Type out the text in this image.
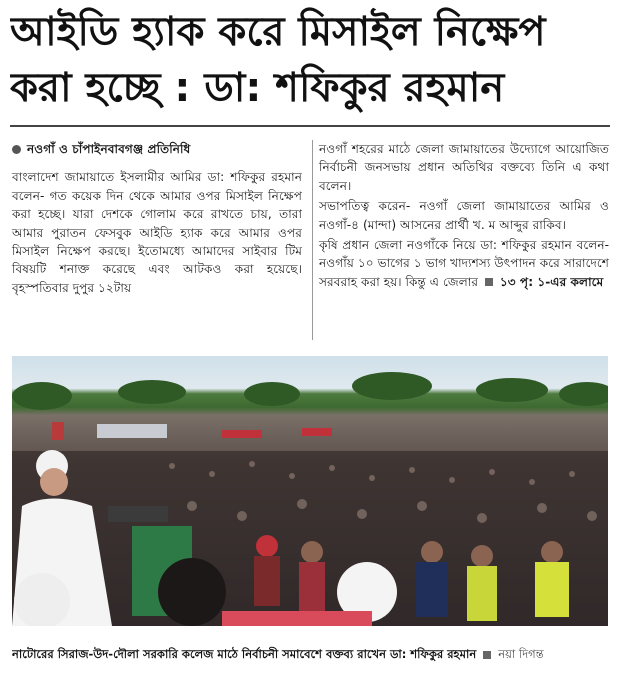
আইডি হ্যাক করে মিসাইল নিক্ষেপ
করা হচ্ছে : ডা: শফিকুর রহমান
নওগাঁ ও চাঁপাইনবাবগঞ্জ প্রতিনিধি

বাংলাদেশ জামায়াতে ইসলামীর আমির ডা: শফিকুর রহমান বলেন- গত কয়েক দিন থেকে আমার ওপর মিসাইল নিক্ষেপ করা হচ্ছে। যারা দেশকে গোলাম করে রাখতে চায়, তারা আমার পুরাতন ফেসবুক আইডি হ্যাক করে আমার ওপর মিসাইল নিক্ষেপ করছে। ইতোমধ্যে আমাদের সাইবার টিম বিষয়টি শনাক্ত করেছে এবং আটকও করা হয়েছে। বৃহস্পতিবার দুপুর ১২টায়

নওগাঁ শহরের মাঠে জেলা জামায়াতের উদ্যোগে আয়োজিত নির্বাচনী জনসভায় প্রধান অতিথির বক্তব্যে তিনি এ কথা বলেন।

সভাপতিত্ব করেন- নওগাঁ জেলা জামায়াতের আমির ও নওগাঁ-৪ (মান্দা) আসনের প্রার্থী খ. ম আব্দুর রাকিব।

কৃষি প্রধান জেলা নওগাঁকে নিয়ে ডা: শফিকুর রহমান বলেন- নওগাঁয় ১০ ভাগের ১ ভাগ খাদ্যশস্য উৎপাদন করে সারাদেশে সরবরাহ করা হয়। কিন্তু এ জেলার ১৩ পৃ: ১-এর কলামে

নাটোরের সিরাজ-উদ-দৌলা সরকারি কলেজ মাঠে নির্বাচনী সমাবেশে বক্তব্য রাখেন ডা: শফিকুর রহমান নয়া দিগন্ত
